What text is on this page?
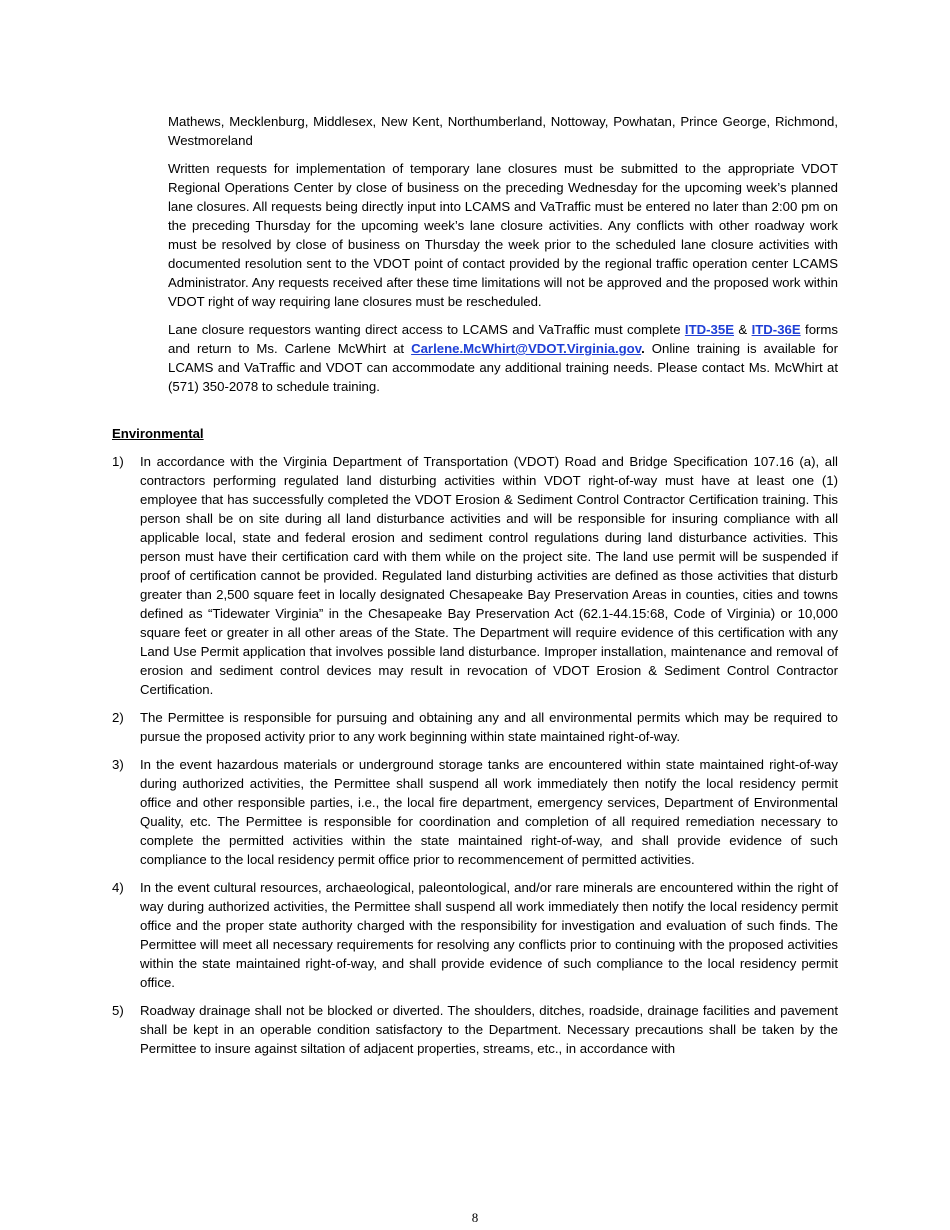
Mathews, Mecklenburg, Middlesex, New Kent, Northumberland, Nottoway, Powhatan, Prince George, Richmond, Westmoreland

Written requests for implementation of temporary lane closures must be submitted to the appropriate VDOT Regional Operations Center by close of business on the preceding Wednesday for the upcoming week’s planned lane closures. All requests being directly input into LCAMS and VaTraffic must be entered no later than 2:00 pm on the preceding Thursday for the upcoming week’s lane closure activities. Any conflicts with other roadway work must be resolved by close of business on Thursday the week prior to the scheduled lane closure activities with documented resolution sent to the VDOT point of contact provided by the regional traffic operation center LCAMS Administrator. Any requests received after these time limitations will not be approved and the proposed work within VDOT right of way requiring lane closures must be rescheduled.

Lane closure requestors wanting direct access to LCAMS and VaTraffic must complete ITD-35E & ITD-36E forms and return to Ms. Carlene McWhirt at Carlene.McWhirt@VDOT.Virginia.gov. Online training is available for LCAMS and VaTraffic and VDOT can accommodate any additional training needs. Please contact Ms. McWhirt at (571) 350-2078 to schedule training.

Environmental
1)	In accordance with the Virginia Department of Transportation (VDOT) Road and Bridge Specification 107.16 (a), all contractors performing regulated land disturbing activities within VDOT right-of-way must have at least one (1) employee that has successfully completed the VDOT Erosion & Sediment Control Contractor Certification training. This person shall be on site during all land disturbance activities and will be responsible for insuring compliance with all applicable local, state and federal erosion and sediment control regulations during land disturbance activities. This person must have their certification card with them while on the project site. The land use permit will be suspended if proof of certification cannot be provided. Regulated land disturbing activities are defined as those activities that disturb greater than 2,500 square feet in locally designated Chesapeake Bay Preservation Areas in counties, cities and towns defined as “Tidewater Virginia” in the Chesapeake Bay Preservation Act (62.1-44.15:68, Code of Virginia) or 10,000 square feet or greater in all other areas of the State. The Department will require evidence of this certification with any Land Use Permit application that involves possible land disturbance. Improper installation, maintenance and removal of erosion and sediment control devices may result in revocation of VDOT Erosion & Sediment Control Contractor Certification.
2)	The Permittee is responsible for pursuing and obtaining any and all environmental permits which may be required to pursue the proposed activity prior to any work beginning within state maintained right-of-way.
3)	In the event hazardous materials or underground storage tanks are encountered within state maintained right-of-way during authorized activities, the Permittee shall suspend all work immediately then notify the local residency permit office and other responsible parties, i.e., the local fire department, emergency services, Department of Environmental Quality, etc. The Permittee is responsible for coordination and completion of all required remediation necessary to complete the permitted activities within the state maintained right-of-way, and shall provide evidence of such compliance to the local residency permit office prior to recommencement of permitted activities.
4)	In the event cultural resources, archaeological, paleontological, and/or rare minerals are encountered within the right of way during authorized activities, the Permittee shall suspend all work immediately then notify the local residency permit office and the proper state authority charged with the responsibility for investigation and evaluation of such finds. The Permittee will meet all necessary requirements for resolving any conflicts prior to continuing with the proposed activities within the state maintained right-of-way, and shall provide evidence of such compliance to the local residency permit office.
5)	Roadway drainage shall not be blocked or diverted. The shoulders, ditches, roadside, drainage facilities and pavement shall be kept in an operable condition satisfactory to the Department. Necessary precautions shall be taken by the Permittee to insure against siltation of adjacent properties, streams, etc., in accordance with
8
